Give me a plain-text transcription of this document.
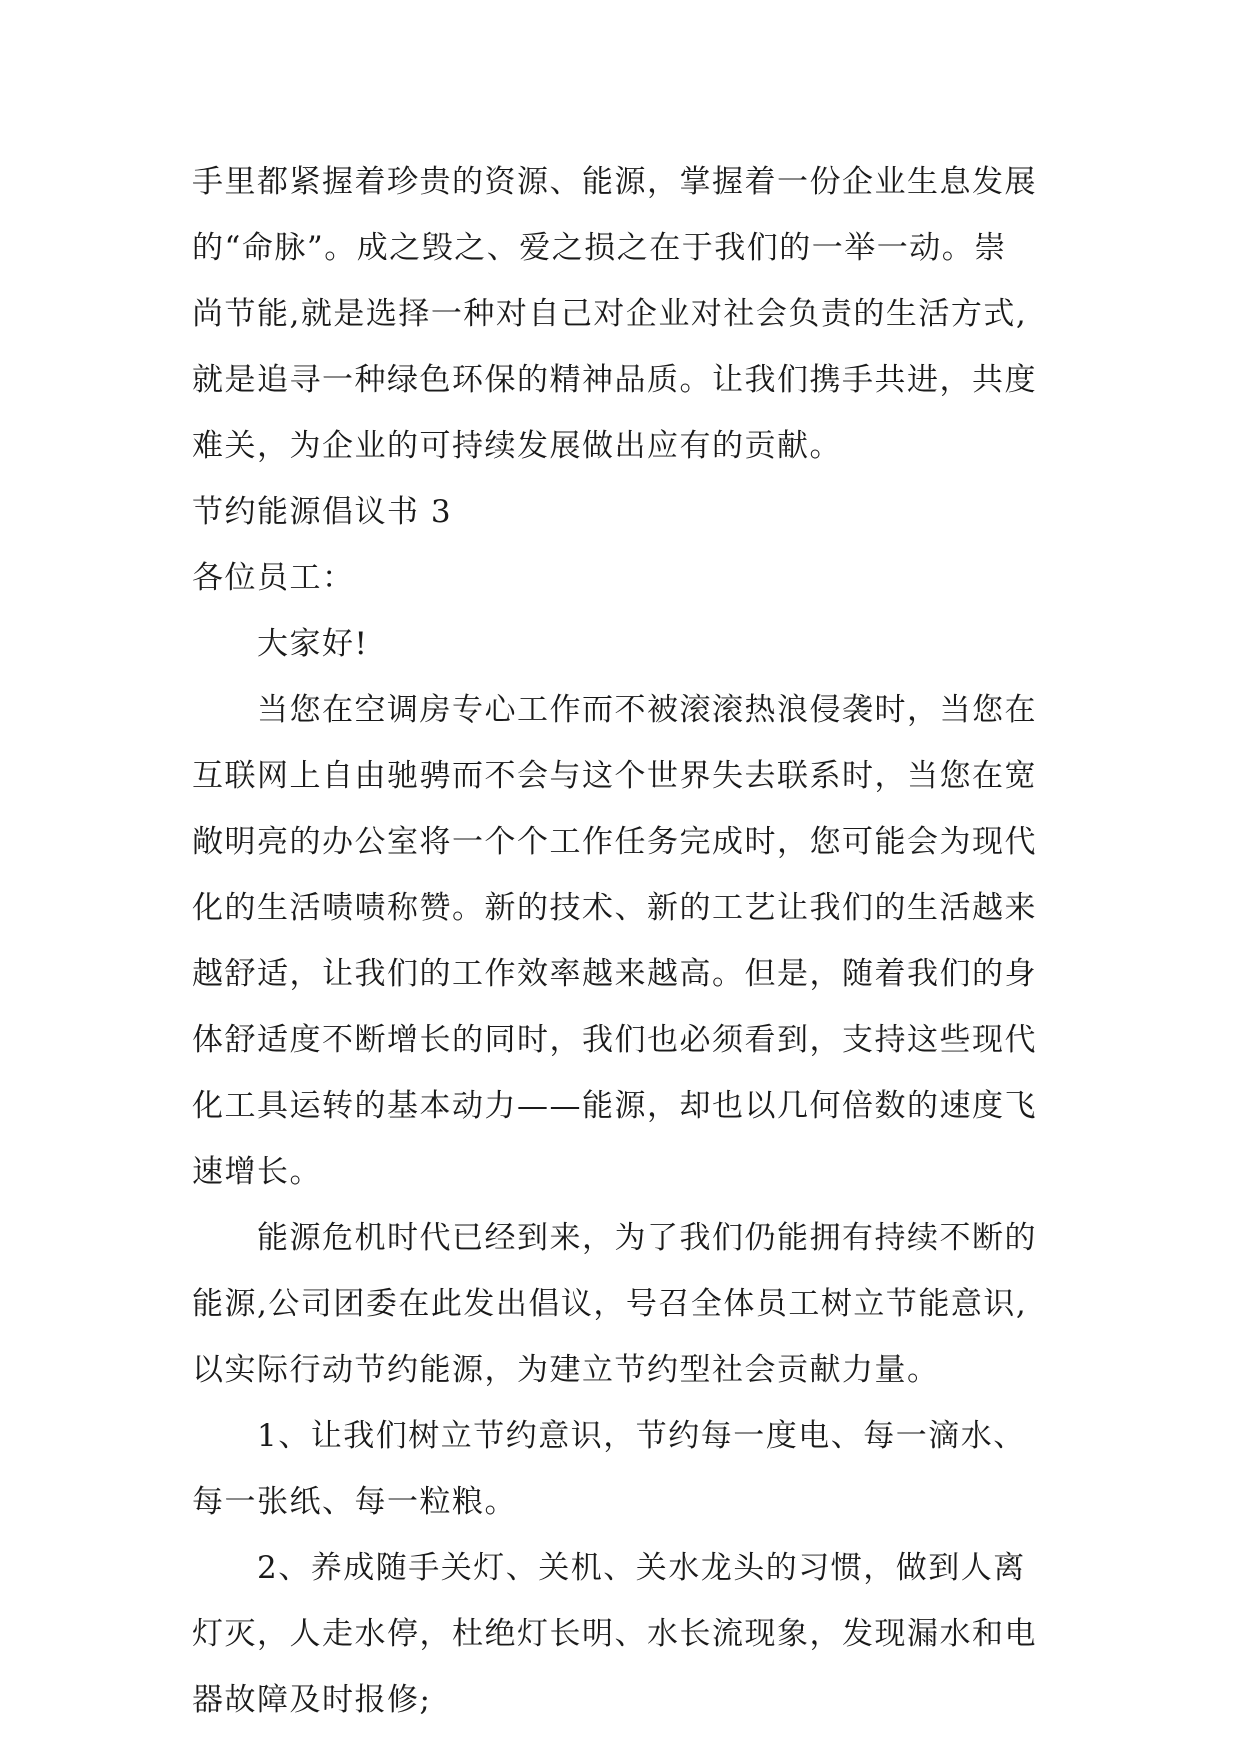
手里都紧握着珍贵的资源、能源，掌握着一份企业生息发展
的“命脉”。成之毁之、爱之损之在于我们的一举一动。崇
尚节能,就是选择一种对自己对企业对社会负责的生活方式,
就是追寻一种绿色环保的精神品质。让我们携手共进，共度
难关，为企业的可持续发展做出应有的贡献。
节约能源倡议书 3
各位员工：
大家好!
当您在空调房专心工作而不被滚滚热浪侵袭时，当您在
互联网上自由驰骋而不会与这个世界失去联系时，当您在宽
敞明亮的办公室将一个个工作任务完成时，您可能会为现代
化的生活啧啧称赞。新的技术、新的工艺让我们的生活越来
越舒适，让我们的工作效率越来越高。但是，随着我们的身
体舒适度不断增长的同时，我们也必须看到，支持这些现代
化工具运转的基本动力——能源，却也以几何倍数的速度飞
速增长。
能源危机时代已经到来，为了我们仍能拥有持续不断的
能源,公司团委在此发出倡议，号召全体员工树立节能意识,
以实际行动节约能源，为建立节约型社会贡献力量。
1、让我们树立节约意识，节约每一度电、每一滴水、
每一张纸、每一粒粮。
2、养成随手关灯、关机、关水龙头的习惯，做到人离
灯灭，人走水停，杜绝灯长明、水长流现象，发现漏水和电
器故障及时报修;
